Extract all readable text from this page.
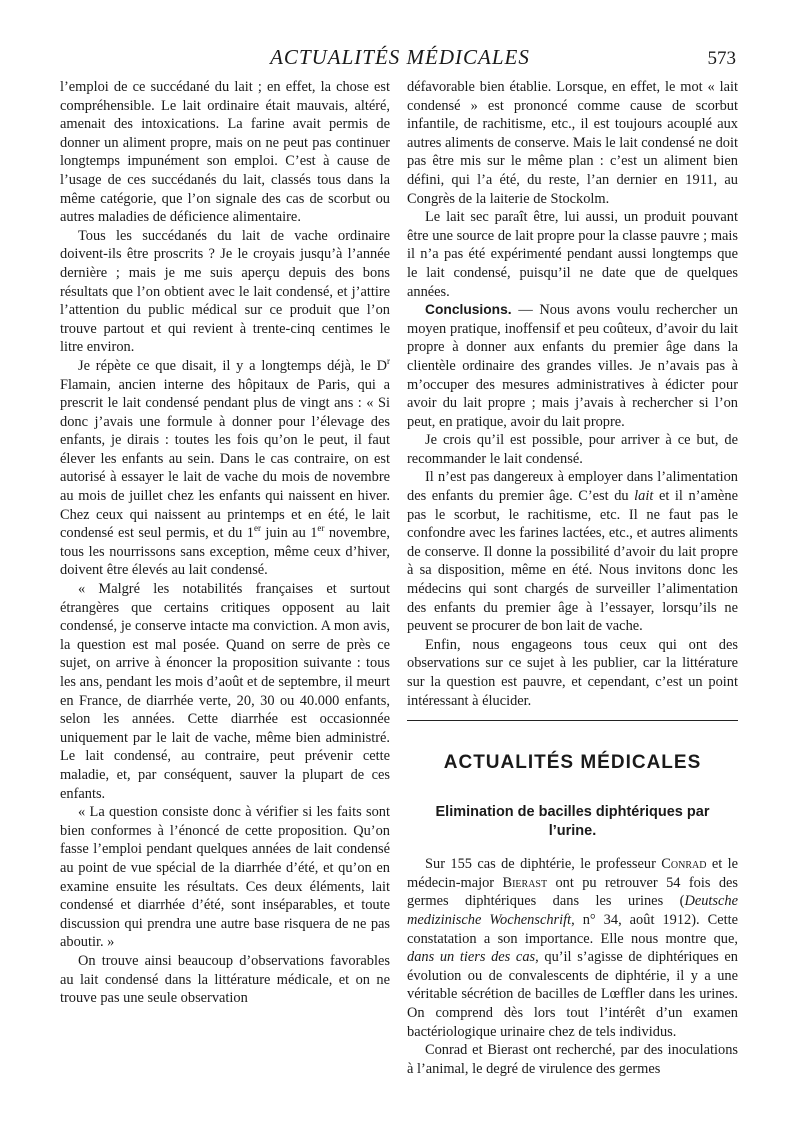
ACTUALITÉS MÉDICALES	573

l’emploi de ce succédané du lait ; en effet, la chose est compréhensible. Le lait ordinaire était mauvais, altéré, amenait des intoxications. La farine avait permis de donner un aliment propre, mais on ne peut pas continuer longtemps impunément son emploi. C’est à cause de l’usage de ces succédanés du lait, classés tous dans la même catégorie, que l’on signale des cas de scorbut ou autres maladies de déficience alimentaire.

Tous les succédanés du lait de vache ordinaire doivent-ils être proscrits ? Je le croyais jusqu’à l’année dernière ; mais je me suis aperçu depuis des bons résultats que l’on obtient avec le lait condensé, et j’attire l’attention du public médical sur ce produit que l’on trouve partout et qui revient à trente-cinq centimes le litre environ.

Je répète ce que disait, il y a longtemps déjà, le $D^r$ Flamain, ancien interne des hôpitaux de Paris, qui a prescrit le lait condensé pendant plus de vingt ans : « Si donc j’avais une formule à donner pour l’élevage des enfants, je dirais : toutes les fois qu’on le peut, il faut élever les enfants au sein. Dans le cas contraire, on est autorisé à essayer le lait de vache du mois de novembre au mois de juillet chez les enfants qui naissent en hiver. Chez ceux qui naissent au printemps et en été, le lait condensé est seul permis, et du 1er juin au 1er novembre, tous les nourrissons sans exception, même ceux d’hiver, doivent être élevés au lait condensé.

« Malgré les notabilités françaises et surtout étrangères que certains critiques opposent au lait condensé, je conserve intacte ma conviction. A mon avis, la question est mal posée. Quand on serre de près ce sujet, on arrive à énoncer la proposition suivante : tous les ans, pendant les mois d’août et de septembre, il meurt en France, de diarrhée verte, 20, 30 ou 40.000 enfants, selon les années. Cette diarrhée est occasionnée uniquement par le lait de vache, même bien administré. Le lait condensé, au contraire, peut prévenir cette maladie, et, par conséquent, sauver la plupart de ces enfants.

« La question consiste donc à vérifier si les faits sont bien conformes à l’énoncé de cette proposition. Qu’on fasse l’emploi pendant quelques années de lait condensé au point de vue spécial de la diarrhée d’été, et qu’on en examine ensuite les résultats. Ces deux éléments, lait condensé et diarrhée d’été, sont inséparables, et toute discussion qui prendra une autre base risquera de ne pas aboutir. »

On trouve ainsi beaucoup d’observations favorables au lait condensé dans la littérature médicale, et on ne trouve pas une seule observation

défavorable bien établie. Lorsque, en effet, le mot « lait condensé » est prononcé comme cause de scorbut infantile, de rachitisme, etc., il est toujours acouplé aux autres aliments de conserve. Mais le lait condensé ne doit pas être mis sur le même plan : c’est un aliment bien défini, qui l’a été, du reste, l’an dernier en 1911, au Congrès de la laiterie de Stockolm.

Le lait sec paraît être, lui aussi, un produit pouvant être une source de lait propre pour la classe pauvre ; mais il n’a pas été expérimenté pendant aussi longtemps que le lait condensé, puisqu’il ne date que de quelques années.

Conclusions. — Nous avons voulu rechercher un moyen pratique, inoffensif et peu coûteux, d’avoir du lait propre à donner aux enfants du premier âge dans la clientèle ordinaire des grandes villes. Je n’avais pas à m’occuper des mesures administratives à édicter pour avoir du lait propre ; mais j’avais à rechercher si l’on peut, en pratique, avoir du lait propre.

Je crois qu’il est possible, pour arriver à ce but, de recommander le lait condensé.

Il n’est pas dangereux à employer dans l’alimentation des enfants du premier âge. C’est du lait et il n’amène pas le scorbut, le rachitisme, etc. Il ne faut pas le confondre avec les farines lactées, etc., et autres aliments de conserve. Il donne la possibilité d’avoir du lait propre à sa disposition, même en été. Nous invitons donc les médecins qui sont chargés de surveiller l’alimentation des enfants du premier âge à l’essayer, lorsqu’ils ne peuvent se procurer de bon lait de vache.

Enfin, nous engageons tous ceux qui ont des observations sur ce sujet à les publier, car la littérature sur la question est pauvre, et cependant, c’est un point intéressant à élucider.

ACTUALITÉS MÉDICALES
Elimination de bacilles diphtériques par l’urine.

Sur 155 cas de diphtérie, le professeur Conrad et le médecin-major Bierast ont pu retrouver 54 fois des germes diphtériques dans les urines (Deutsche medizinische Wochenschrift, n° 34, août 1912). Cette constatation a son importance. Elle nous montre que, dans un tiers des cas, qu’il s’agisse de diphtériques en évolution ou de convalescents de diphtérie, il y a une véritable sécrétion de bacilles de Lœffler dans les urines. On comprend dès lors tout l’intérêt d’un examen bactériologique urinaire chez de tels individus.

Conrad et Bierast ont recherché, par des inoculations à l’animal, le degré de virulence des germes
